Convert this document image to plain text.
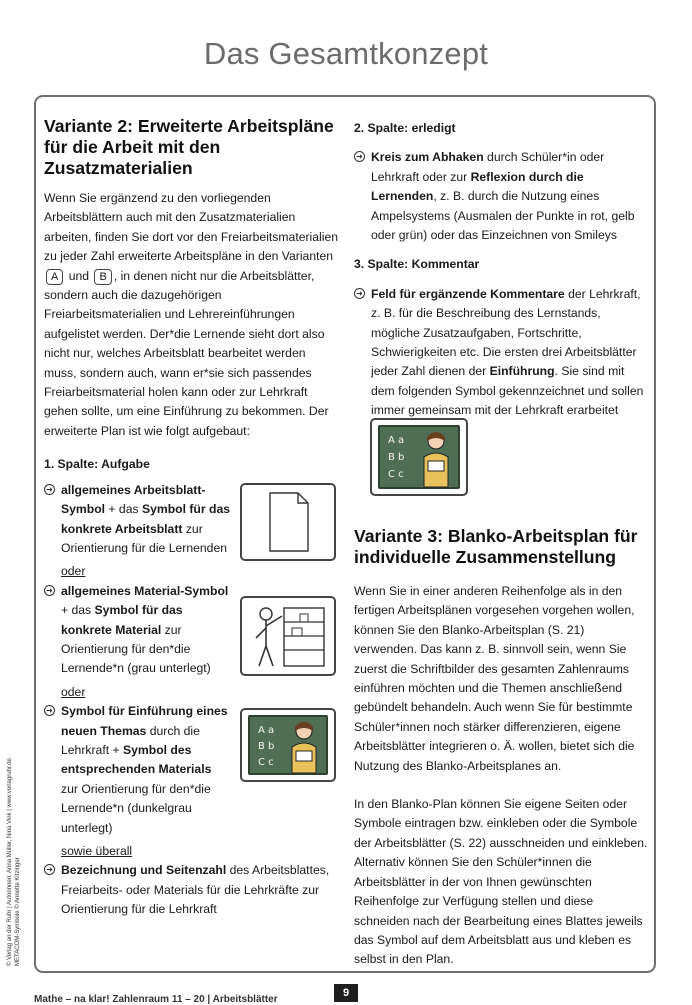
Das Gesamtkonzept
Variante 2: Erweiterte Arbeitspläne für die Arbeit mit den Zusatzmaterialien

Wenn Sie ergänzend zu den vorliegenden Arbeitsblättern auch mit den Zusatzmaterialien arbeiten, finden Sie dort vor den Freiarbeitsmaterialien zu jeder Zahl erweiterte Arbeitspläne in den Varianten A und B , in denen nicht nur die Arbeitsblätter, sondern auch die dazugehörigen Freiarbeitsmaterialien und Lehrereinführungen aufgelistet werden. Der*die Lernende sieht dort also nicht nur, welches Arbeitsblatt bearbeitet werden muss, sondern auch, wann er*sie sich passendes Freiarbeitsmaterial holen kann oder zur Lehrkraft gehen sollte, um eine Einführung zu bekommen. Der erweiterte Plan ist wie folgt aufgebaut:

1. Spalte: Aufgabe

➜ allgemeines Arbeitsblatt-Symbol + das Symbol für das konkrete Arbeitsblatt zur Orientierung für die Lernenden

oder

➜ allgemeines Material-Symbol + das Symbol für das konkrete Material zur Orientierung für den*die Lernende*n (grau unterlegt)

oder

➜ Symbol für Einführung eines neuen Themas durch die Lehrkraft + Symbol des entsprechenden Materials zur Orientierung für den*die Lernende*n (dunkelgrau unterlegt)

sowie überall

➜ Bezeichnung und Seitenzahl des Arbeitsblattes, Freiarbeits- oder Materials für die Lehrkräfte zur Orientierung für die Lehrkraft
A a
B b
C c

2. Spalte: erledigt

➜ Kreis zum Abhaken durch Schüler*in oder Lehrkraft oder zur Reflexion durch die Lernenden, z. B. durch die Nutzung eines Ampelsystems (Ausmalen der Punkte in rot, gelb oder grün) oder das Einzeichnen von Smileys

3. Spalte: Kommentar

➜ Feld für ergänzende Kommentare der Lehrkraft, z. B. für die Beschreibung des Lernstands, mögliche Zusatzaufgaben, Fortschritte, Schwierigkeiten etc. Die ersten drei Arbeitsblätter jeder Zahl dienen der Einführung. Sie sind mit dem folgenden Symbol gekennzeichnet und sollen immer gemeinsam mit der Lehrkraft erarbeitet
A a
B b
C c
Variante 3: Blanko-Arbeitsplan für individuelle Zusammenstellung

Wenn Sie in einer anderen Reihenfolge als in den fertigen Arbeitsplänen vorgesehen vorgehen wollen, können Sie den Blanko-Arbeitsplan (S. 21) verwenden. Das kann z. B. sinnvoll sein, wenn Sie zuerst die Schriftbilder des gesamten Zahlenraums einführen möchten und die Themen anschließend gebündelt behandeln. Auch wenn Sie für bestimmte Schüler*innen noch stärker differenzieren, eigene Arbeitsblätter integrieren o. Ä. wollen, bietet sich die Nutzung des Blanko-Arbeitsplanes an.

In den Blanko-Plan können Sie eigene Seiten oder Symbole eintragen bzw. einkleben oder die Symbole der Arbeitsblätter (S. 22) ausschneiden und einkleben. Alternativ können Sie den Schüler*innen die Arbeitsblätter in der von Ihnen gewünschten Reihenfolge zur Verfügung stellen und diese schneiden nach der Bearbeitung eines Blattes jeweils das Symbol auf dem Arbeitsblatt aus und kleben es selbst in den Plan.

© Verlag an der Ruhr | Autorinnen: Anna Müller, Nina Vink | www.verlagruhr.de METACOM-Symbole © Annette Kitzinger
Mathe – na klar! Zahlenraum 11 – 20 | Arbeitsblätter
9
